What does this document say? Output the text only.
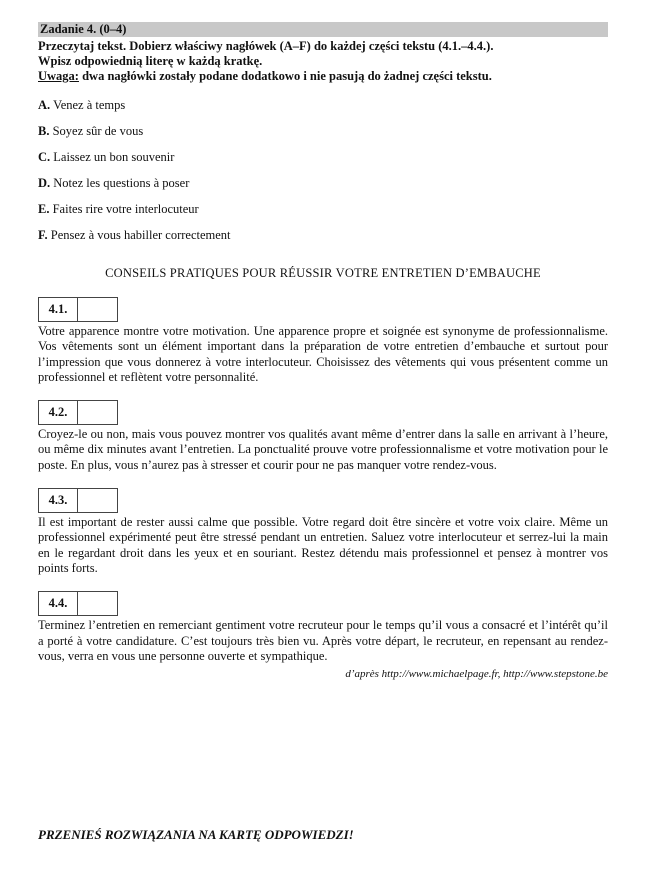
Zadanie 4. (0–4)
Przeczytaj tekst. Dobierz właściwy nagłówek (A–F) do każdej części tekstu (4.1.–4.4.).
Wpisz odpowiednią literę w każdą kratkę.
Uwaga: dwa nagłówki zostały podane dodatkowo i nie pasują do żadnej części tekstu.
A. Venez à temps
B. Soyez sûr de vous
C. Laissez un bon souvenir
D. Notez les questions à poser
E. Faites rire votre interlocuteur
F. Pensez à vous habiller correctement
CONSEILS PRATIQUES POUR RÉUSSIR VOTRE ENTRETIEN D’EMBAUCHE
4.1.
Votre apparence montre votre motivation. Une apparence propre et soignée est synonyme de professionnalisme. Vos vêtements sont un élément important dans la préparation de votre entretien d’embauche et surtout pour l’impression que vous donnerez à votre interlocuteur. Choisissez des vêtements qui vous présentent comme un professionnel et reflètent votre personnalité.
4.2.
Croyez-le ou non, mais vous pouvez montrer vos qualités avant même d’entrer dans la salle en arrivant à l’heure, ou même dix minutes avant l’entretien. La ponctualité prouve votre professionnalisme et votre motivation pour le poste. En plus, vous n’aurez pas à stresser et courir pour ne pas manquer votre rendez-vous.
4.3.
Il est important de rester aussi calme que possible. Votre regard doit être sincère et votre voix claire. Même un professionnel expérimenté peut être stressé pendant un entretien. Saluez votre interlocuteur et serrez-lui la main en le regardant droit dans les yeux et en souriant. Restez détendu mais professionnel et pensez à montrer vos points forts.
4.4.
Terminez l’entretien en remerciant gentiment votre recruteur pour le temps qu’il vous a consacré et l’intérêt qu’il a porté à votre candidature. C’est toujours très bien vu. Après votre départ, le recruteur, en repensant au rendez-vous, verra en vous une personne ouverte et sympathique.
d’après http://www.michaelpage.fr, http://www.stepstone.be
PRZENIEŚ ROZWIĄZANIA NA KARTĘ ODPOWIEDZI!
